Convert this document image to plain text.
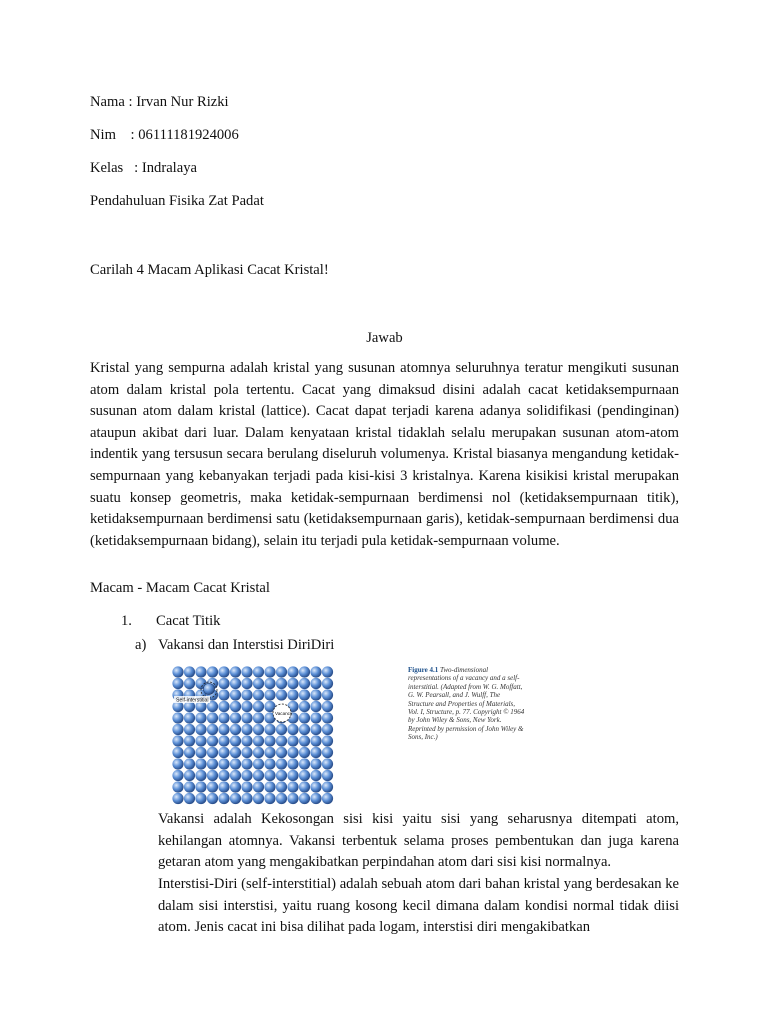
Nama : Irvan Nur Rizki
Nim    : 06111181924006
Kelas   : Indralaya
Pendahuluan Fisika Zat Padat
Carilah 4 Macam Aplikasi Cacat Kristal!
Jawab
Kristal yang sempurna adalah kristal yang susunan atomnya seluruhnya teratur mengikuti susunan atom dalam kristal pola tertentu. Cacat yang dimaksud disini adalah cacat ketidaksempurnaan susunan atom dalam kristal (lattice). Cacat dapat terjadi karena adanya solidifikasi (pendinginan) ataupun akibat dari luar. Dalam kenyataan kristal tidaklah selalu merupakan susunan atom-atom indentik yang tersusun secara berulang diseluruh volumenya. Kristal biasanya mengandung ketidak-sempurnaan yang kebanyakan terjadi pada kisi-kisi 3 kristalnya. Karena kisikisi kristal merupakan suatu konsep geometris, maka ketidak-sempurnaan berdimensi nol (ketidaksempurnaan titik), ketidaksempurnaan berdimensi satu (ketidaksempurnaan garis), ketidak-sempurnaan berdimensi dua (ketidaksempurnaan bidang), selain itu terjadi pula ketidak-sempurnaan volume.
Macam - Macam Cacat Kristal
1. Cacat Titik
a) Vakansi dan Interstisi DiriDiri
Self-interstitial
Vacancy
Figure 4.1 Two-dimensional representations of a vacancy and a self-interstitial. (Adapted from W. G. Moffatt, G. W. Pearsall, and J. Wulff, The Structure and Properties of Materials, Vol. I, Structure, p. 77. Copyright © 1964 by John Wiley & Sons, New York. Reprinted by permission of John Wiley & Sons, Inc.)
Vakansi adalah Kekosongan sisi kisi yaitu sisi yang seharusnya ditempati atom, kehilangan atomnya. Vakansi terbentuk selama proses pembentukan dan juga karena getaran atom yang mengakibatkan perpindahan atom dari sisi kisi normalnya.
Interstisi-Diri (self-interstitial) adalah sebuah atom dari bahan kristal yang berdesakan ke dalam sisi interstisi, yaitu ruang kosong kecil dimana dalam kondisi normal tidak diisi atom. Jenis cacat ini bisa dilihat pada logam, interstisi diri mengakibatkan
